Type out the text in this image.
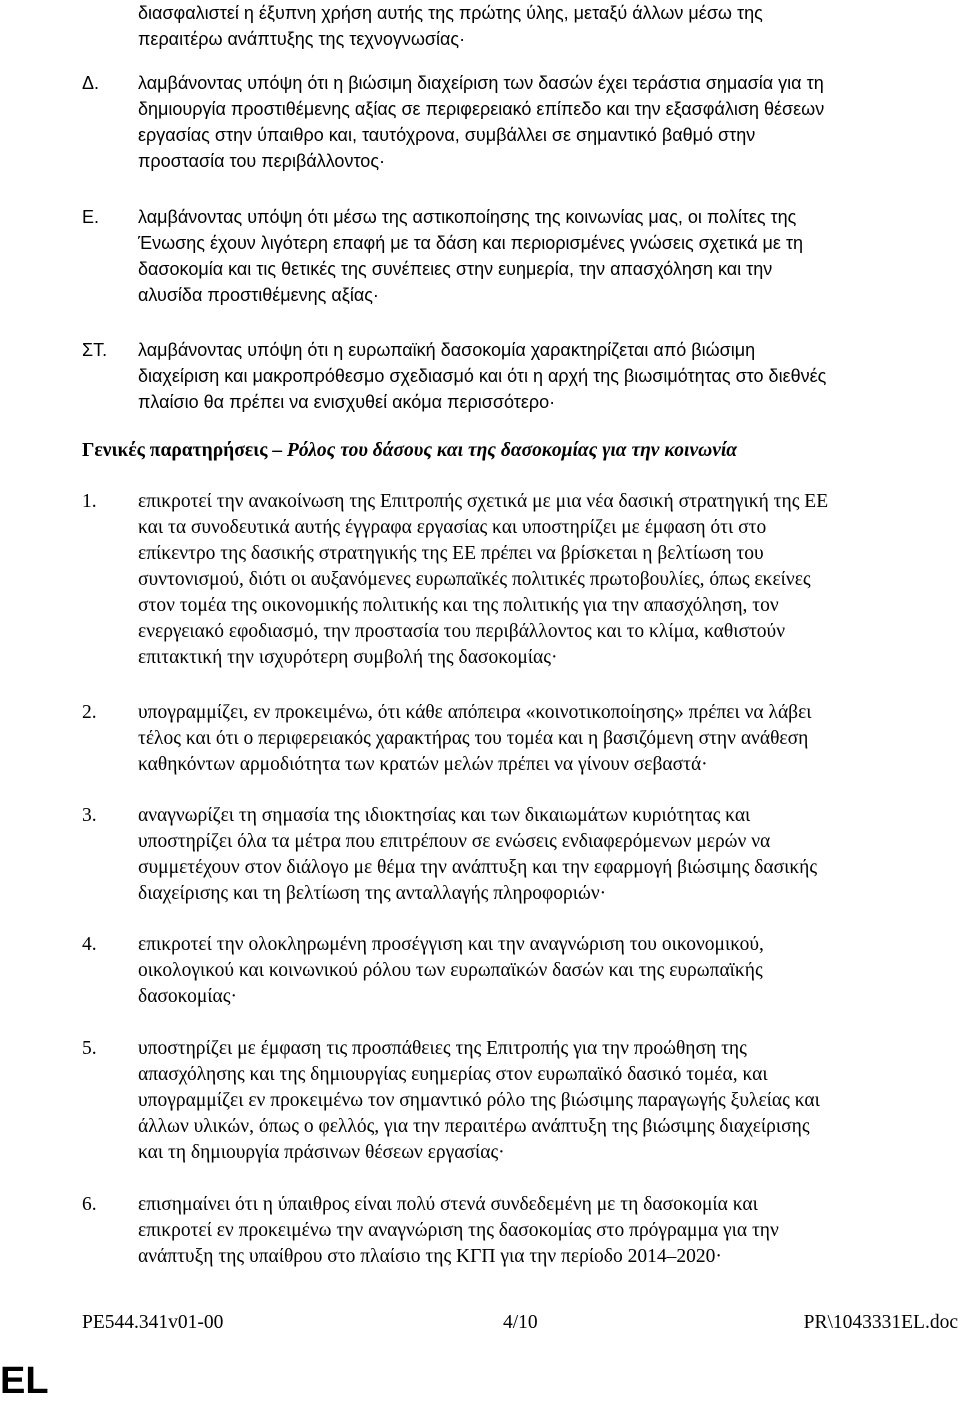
διασφαλιστεί η έξυπνη χρήση αυτής της πρώτης ύλης, μεταξύ άλλων μέσω της
περαιτέρω ανάπτυξης της τεχνογνωσίας·
Δ. λαμβάνοντας υπόψη ότι η βιώσιμη διαχείριση των δασών έχει τεράστια σημασία για τη
δημιουργία προστιθέμενης αξίας σε περιφερειακό επίπεδο και την εξασφάλιση θέσεων
εργασίας στην ύπαιθρο και, ταυτόχρονα, συμβάλλει σε σημαντικό βαθμό στην
προστασία του περιβάλλοντος·
Ε. λαμβάνοντας υπόψη ότι μέσω της αστικοποίησης της κοινωνίας μας, οι πολίτες της
Ένωσης έχουν λιγότερη επαφή με τα δάση και περιορισμένες γνώσεις σχετικά με τη
δασοκομία και τις θετικές της συνέπειες στην ευημερία, την απασχόληση και την
αλυσίδα προστιθέμενης αξίας·
ΣΤ. λαμβάνοντας υπόψη ότι η ευρωπαϊκή δασοκομία χαρακτηρίζεται από βιώσιμη
διαχείριση και μακροπρόθεσμο σχεδιασμό και ότι η αρχή της βιωσιμότητας στο διεθνές
πλαίσιο θα πρέπει να ενισχυθεί ακόμα περισσότερο·
Γενικές παρατηρήσεις – Ρόλος του δάσους και της δασοκομίας για την κοινωνία
1. επικροτεί την ανακοίνωση της Επιτροπής σχετικά με μια νέα δασική στρατηγική της ΕΕ
και τα συνοδευτικά αυτής έγγραφα εργασίας και υποστηρίζει με έμφαση ότι στο
επίκεντρο της δασικής στρατηγικής της ΕΕ πρέπει να βρίσκεται η βελτίωση του
συντονισμού, διότι οι αυξανόμενες ευρωπαϊκές πολιτικές πρωτοβουλίες, όπως εκείνες
στον τομέα της οικονομικής πολιτικής και της πολιτικής για την απασχόληση, τον
ενεργειακό εφοδιασμό, την προστασία του περιβάλλοντος και το κλίμα, καθιστούν
επιτακτική την ισχυρότερη συμβολή της δασοκομίας·
2. υπογραμμίζει, εν προκειμένω, ότι κάθε απόπειρα «κοινοτικοποίησης» πρέπει να λάβει
τέλος και ότι ο περιφερειακός χαρακτήρας του τομέα και η βασιζόμενη στην ανάθεση
καθηκόντων αρμοδιότητα των κρατών μελών πρέπει να γίνουν σεβαστά·
3. αναγνωρίζει τη σημασία της ιδιοκτησίας και των δικαιωμάτων κυριότητας και
υποστηρίζει όλα τα μέτρα που επιτρέπουν σε ενώσεις ενδιαφερόμενων μερών να
συμμετέχουν στον διάλογο με θέμα την ανάπτυξη και την εφαρμογή βιώσιμης δασικής
διαχείρισης και τη βελτίωση της ανταλλαγής πληροφοριών·
4. επικροτεί την ολοκληρωμένη προσέγγιση και την αναγνώριση του οικονομικού,
οικολογικού και κοινωνικού ρόλου των ευρωπαϊκών δασών και της ευρωπαϊκής
δασοκομίας·
5. υποστηρίζει με έμφαση τις προσπάθειες της Επιτροπής για την προώθηση της
απασχόλησης και της δημιουργίας ευημερίας στον ευρωπαϊκό δασικό τομέα, και
υπογραμμίζει εν προκειμένω τον σημαντικό ρόλο της βιώσιμης παραγωγής ξυλείας και
άλλων υλικών, όπως ο φελλός, για την περαιτέρω ανάπτυξη της βιώσιμης διαχείρισης
και τη δημιουργία πράσινων θέσεων εργασίας·
6. επισημαίνει ότι η ύπαιθρος είναι πολύ στενά συνδεδεμένη με τη δασοκομία και
επικροτεί εν προκειμένω την αναγνώριση της δασοκομίας στο πρόγραμμα για την
ανάπτυξη της υπαίθρου στο πλαίσιο της ΚΓΠ για την περίοδο 2014–2020·
PE544.341v01-00	4/10	PR\1043331EL.doc
EL
